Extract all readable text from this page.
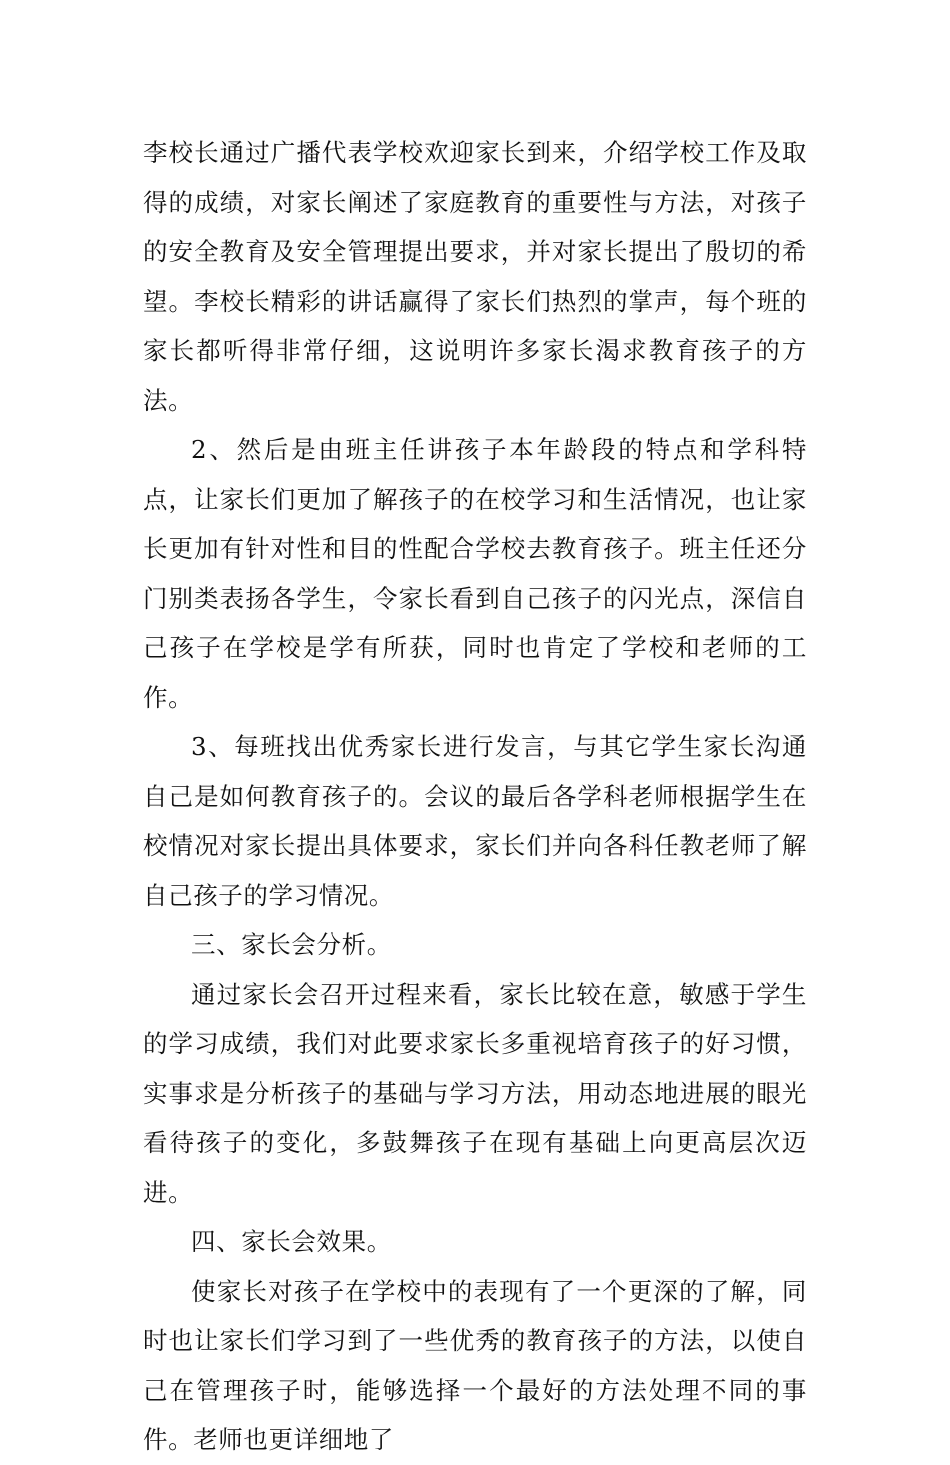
李校长通过广播代表学校欢迎家长到来，介绍学校工作及取得的成绩，对家长阐述了家庭教育的重要性与方法，对孩子的安全教育及安全管理提出要求，并对家长提出了殷切的希望。李校长精彩的讲话赢得了家长们热烈的掌声，每个班的家长都听得非常仔细，这说明许多家长渴求教育孩子的方法。

2、然后是由班主任讲孩子本年龄段的特点和学科特点，让家长们更加了解孩子的在校学习和生活情况，也让家长更加有针对性和目的性配合学校去教育孩子。班主任还分门别类表扬各学生，令家长看到自己孩子的闪光点，深信自己孩子在学校是学有所获，同时也肯定了学校和老师的工作。

3、每班找出优秀家长进行发言，与其它学生家长沟通自己是如何教育孩子的。会议的最后各学科老师根据学生在校情况对家长提出具体要求，家长们并向各科任教老师了解自己孩子的学习情况。

三、家长会分析。

通过家长会召开过程来看，家长比较在意，敏感于学生的学习成绩，我们对此要求家长多重视培育孩子的好习惯，实事求是分析孩子的基础与学习方法，用动态地进展的眼光看待孩子的变化，多鼓舞孩子在现有基础上向更高层次迈进。

四、家长会效果。

使家长对孩子在学校中的表现有了一个更深的了解，同时也让家长们学习到了一些优秀的教育孩子的方法，以使自己在管理孩子时，能够选择一个最好的方法处理不同的事件。老师也更详细地了
